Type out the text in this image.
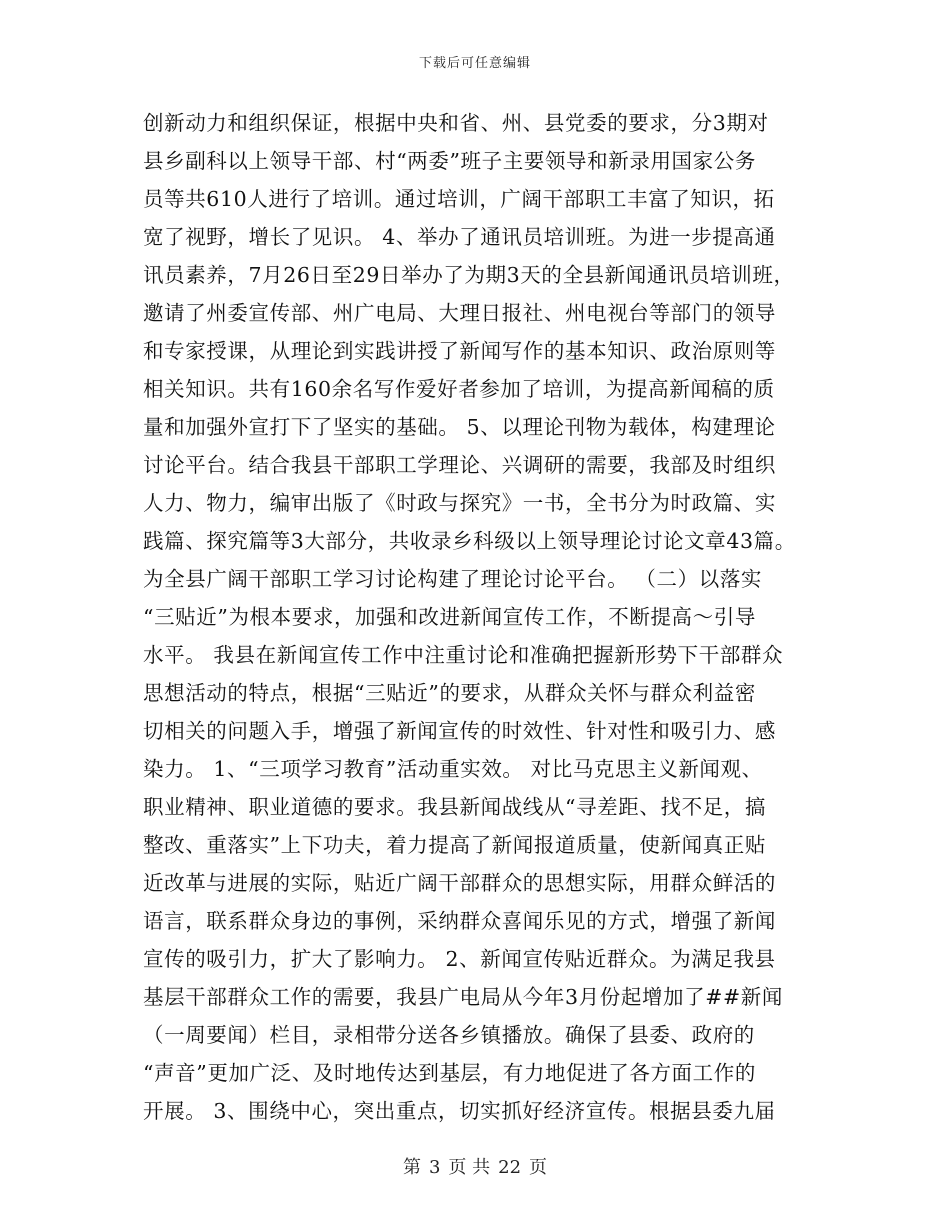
下载后可任意编辑
创新动力和组织保证，根据中央和省、州、县党委的要求，分3期对
县乡副科以上领导干部、村“两委”班子主要领导和新录用国家公务
员等共610人进行了培训。通过培训，广阔干部职工丰富了知识，拓
宽了视野，增长了见识。 4、举办了通讯员培训班。为进一步提高通
讯员素养，7月26日至29日举办了为期3天的全县新闻通讯员培训班，
邀请了州委宣传部、州广电局、大理日报社、州电视台等部门的领导
和专家授课，从理论到实践讲授了新闻写作的基本知识、政治原则等
相关知识。共有160余名写作爱好者参加了培训，为提高新闻稿的质
量和加强外宣打下了坚实的基础。 5、以理论刊物为载体，构建理论
讨论平台。结合我县干部职工学理论、兴调研的需要，我部及时组织
人力、物力，编审出版了《时政与探究》一书，全书分为时政篇、实
践篇、探究篇等3大部分，共收录乡科级以上领导理论讨论文章43篇。
为全县广阔干部职工学习讨论构建了理论讨论平台。 （二）以落实
“三贴近”为根本要求，加强和改进新闻宣传工作，不断提高～引导
水平。 我县在新闻宣传工作中注重讨论和准确把握新形势下干部群众
思想活动的特点，根据“三贴近”的要求，从群众关怀与群众利益密
切相关的问题入手，增强了新闻宣传的时效性、针对性和吸引力、感
染力。 1、“三项学习教育”活动重实效。 对比马克思主义新闻观、
职业精神、职业道德的要求。我县新闻战线从“寻差距、找不足，搞
整改、重落实”上下功夫，着力提高了新闻报道质量，使新闻真正贴
近改革与进展的实际，贴近广阔干部群众的思想实际，用群众鲜活的
语言，联系群众身边的事例，采纳群众喜闻乐见的方式，增强了新闻
宣传的吸引力，扩大了影响力。 2、新闻宣传贴近群众。为满足我县
基层干部群众工作的需要，我县广电局从今年3月份起增加了##新闻
（一周要闻）栏目，录相带分送各乡镇播放。确保了县委、政府的
“声音”更加广泛、及时地传达到基层，有力地促进了各方面工作的
开展。 3、围绕中心，突出重点，切实抓好经济宣传。根据县委九届
第 3 页 共 22 页
